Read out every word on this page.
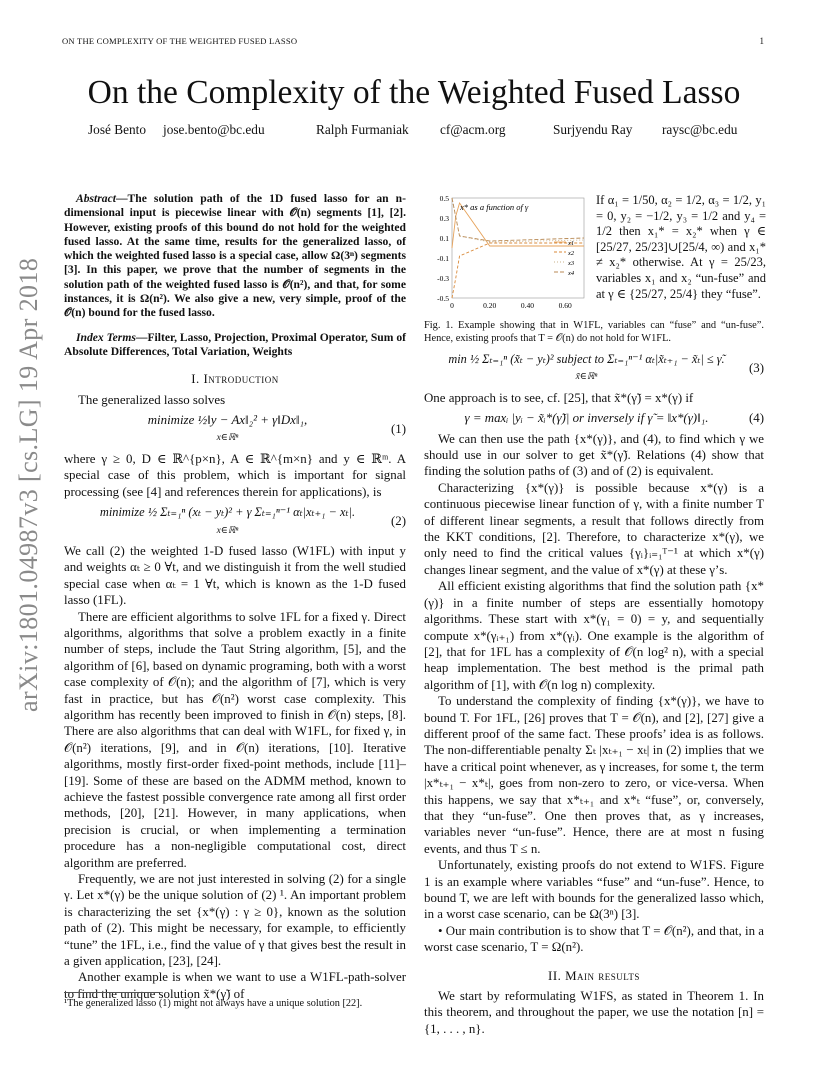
ON THE COMPLEXITY OF THE WEIGHTED FUSED LASSO	1
arXiv:1801.04987v3 [cs.LG] 19 Apr 2018
On the Complexity of the Weighted Fused Lasso
José Bento jose.bento@bc.edu	Ralph Furmaniak cf@acm.org	Surjyendu Ray raysc@bc.edu

Abstract—The solution path of the 1D fused lasso for an n-dimensional input is piecewise linear with 𝒪(n) segments [1], [2]. However, existing proofs of this bound do not hold for the weighted fused lasso. At the same time, results for the generalized lasso, of which the weighted fused lasso is a special case, allow Ω(3ⁿ) segments [3]. In this paper, we prove that the number of segments in the solution path of the weighted fused lasso is 𝒪(n²), and that, for some instances, it is Ω(n²). We also give a new, very simple, proof of the 𝒪(n) bound for the fused lasso.

Index Terms—Filter, Lasso, Projection, Proximal Operator, Sum of Absolute Differences, Total Variation, Weights

I. Introduction

The generalized lasso solves

minimize ½‖y − Ax‖₂² + γ‖Dx‖₁,
x∈ℝⁿ
(1)

where γ ≥ 0, D ∈ ℝ^{p×n}, A ∈ ℝ^{m×n} and y ∈ ℝᵐ. A special case of this problem, which is important for signal processing (see [4] and references therein for applications), is

minimize ½ Σₜ₌₁ⁿ (xₜ − yₜ)² + γ Σₜ₌₁ⁿ⁻¹ αₜ|xₜ₊₁ − xₜ|.
x∈ℝⁿ
(2)

We call (2) the weighted 1-D fused lasso (W1FL) with input y and weights αₜ ≥ 0 ∀t, and we distinguish it from the well studied special case when αₜ = 1 ∀t, which is known as the 1-D fused lasso (1FL).

There are efficient algorithms to solve 1FL for a fixed γ. Direct algorithms, algorithms that solve a problem exactly in a finite number of steps, include the Taut String algorithm, [5], and the algorithm of [6], based on dynamic programing, both with a worst case complexity of 𝒪(n); and the algorithm of [7], which is very fast in practice, but has 𝒪(n²) worst case complexity. This algorithm has recently been improved to finish in 𝒪(n) steps, [8]. There are also algorithms that can deal with W1FL, for fixed γ, in 𝒪(n²) iterations, [9], and in 𝒪(n) iterations, [10]. Iterative algorithms, mostly first-order fixed-point methods, include [11]–[19]. Some of these are based on the ADMM method, known to achieve the fastest possible convergence rate among all first order methods, [20], [21]. However, in many applications, when precision is crucial, or when implementing a termination procedure has a non-negligible computational cost, direct algorithm are preferred.

Frequently, we are not just interested in solving (2) for a single γ. Let x*(γ) be the unique solution of (2) ¹. An important problem is characterizing the set {x*(γ) : γ ≥ 0}, known as the solution path of (2). This might be necessary, for example, to efficiently “tune” the 1FL, i.e., find the value of γ that gives best the result in a given application, [23], [24].

Another example is when we want to use a W1FL-path-solver to find the unique solution x̃*(γ̃) of

¹The generalized lasso (1) might not always have a unique solution [22].
0.5
0.3
0.1
-0.1
-0.3
-0.5
0	0.20	0.40	0.60
x1
x2
x3
x4
x* as a function of γ	If α₁ = 1/50, α₂ = 1/2, α₃ = 1/2, y₁ = 0, y₂ = −1/2, y₃ = 1/2 and y₄ = 1/2 then x₁* = x₂* when γ ∈ [25/27, 25/23]∪[25/4, ∞) and x₁* ≠ x₂* otherwise. At γ = 25/23, variables x₁ and x₂ “un-fuse” and at γ ∈ {25/27, 25/4} they “fuse”.

Fig. 1. Example showing that in W1FL, variables can “fuse” and “un-fuse”. Hence, existing proofs that T = 𝒪(n) do not hold for W1FL.

min ½ Σₜ₌₁ⁿ (x̃ₜ − yₜ)² subject to Σₜ₌₁ⁿ⁻¹ αₜ|x̃ₜ₊₁ − x̃ₜ| ≤ γ̃.
x̃∈ℝⁿ
(3)

One approach is to see, cf. [25], that x̃*(γ̃) = x*(γ) if

γ = maxᵢ |yᵢ − x̃ᵢ*(γ̃)| or inversely if γ̃ = ‖x*(γ)‖₁.	(4)

We can then use the path {x*(γ)}, and (4), to find which γ we should use in our solver to get x̃*(γ̃). Relations (4) show that finding the solution paths of (3) and of (2) is equivalent.

Characterizing {x*(γ)} is possible because x*(γ) is a continuous piecewise linear function of γ, with a finite number T of different linear segments, a result that follows directly from the KKT conditions, [2]. Therefore, to characterize x*(γ), we only need to find the critical values {γᵢ}ᵢ₌₁ᵀ⁻¹ at which x*(γ) changes linear segment, and the value of x*(γ) at these γ’s.

All efficient existing algorithms that find the solution path {x*(γ)} in a finite number of steps are essentially homotopy algorithms. These start with x*(γ₁ = 0) = y, and sequentially compute x*(γᵢ₊₁) from x*(γᵢ). One example is the algorithm of [2], that for 1FL has a complexity of 𝒪(n log² n), with a special heap implementation. The best method is the primal path algorithm of [1], with 𝒪(n log n) complexity.

To understand the complexity of finding {x*(γ)}, we have to bound T. For 1FL, [26] proves that T = 𝒪(n), and [2], [27] give a different proof of the same fact. These proofs’ idea is as follows. The non-differentiable penalty Σₜ |xₜ₊₁ − xₜ| in (2) implies that we have a critical point whenever, as γ increases, for some t, the term |x*ₜ₊₁ − x*ₜ|, goes from non-zero to zero, or vice-versa. When this happens, we say that x*ₜ₊₁ and x*ₜ “fuse”, or, conversely, that they “un-fuse”. One then proves that, as γ increases, variables never “un-fuse”. Hence, there are at most n fusing events, and thus T ≤ n.

Unfortunately, existing proofs do not extend to W1FS. Figure 1 is an example where variables “fuse” and “un-fuse”. Hence, to bound T, we are left with bounds for the generalized lasso which, in a worst case scenario, can be Ω(3ⁿ) [3].

• Our main contribution is to show that T = 𝒪(n²), and that, in a worst case scenario, T = Ω(n²).

II. Main results

We start by reformulating W1FS, as stated in Theorem 1. In this theorem, and throughout the paper, we use the notation [n] = {1, . . . , n}.
